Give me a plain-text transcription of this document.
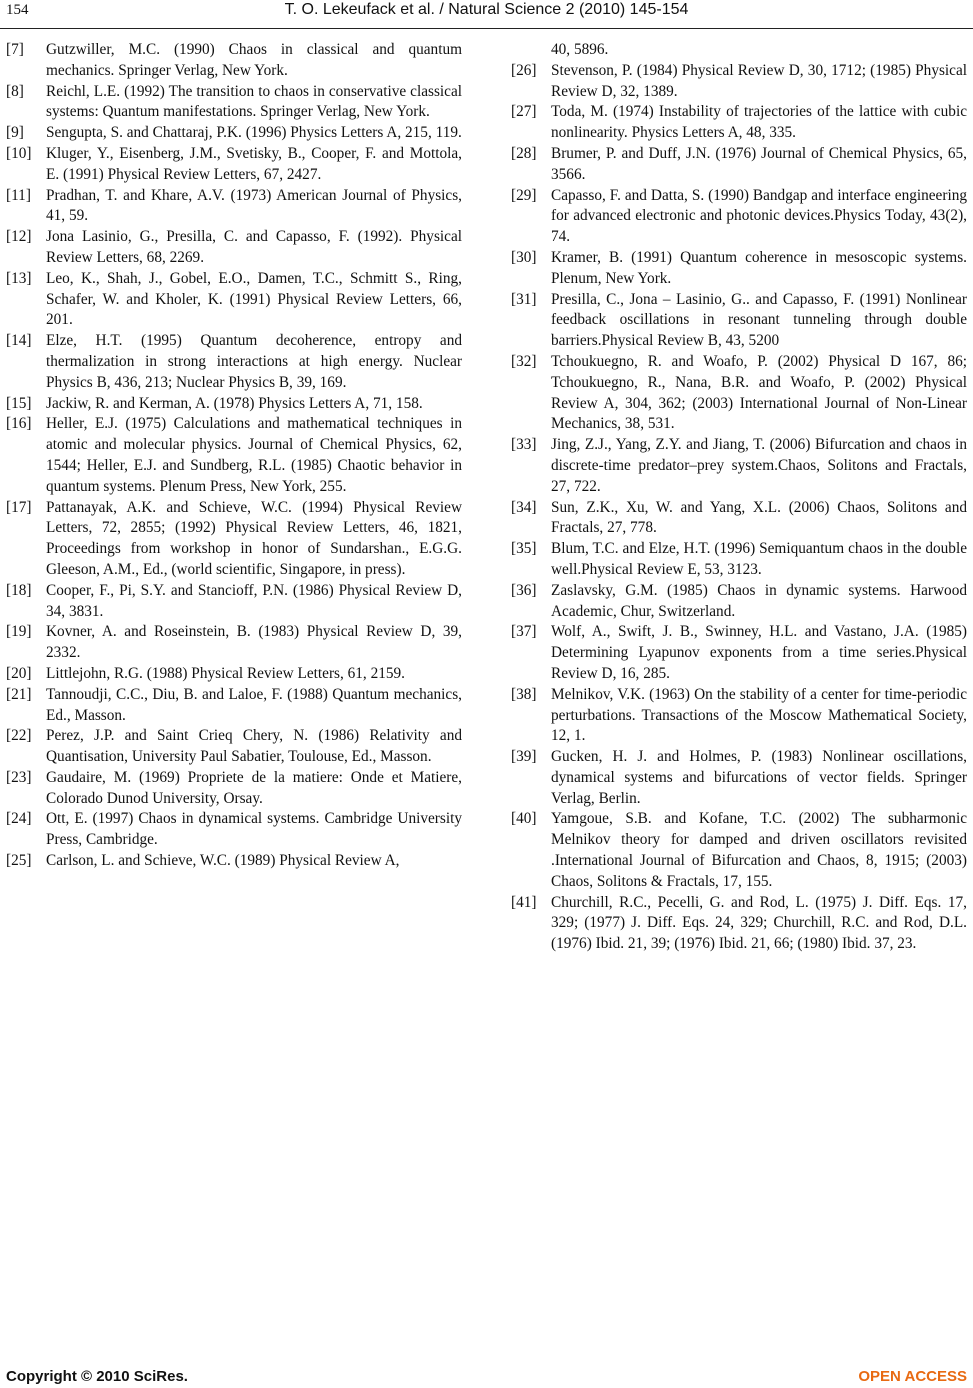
154	T. O. Lekeufack et al. / Natural Science 2 (2010) 145-154
[7]	Gutzwiller, M.C. (1990) Chaos in classical and quantum mechanics. Springer Verlag, New York.
[8]	Reichl, L.E. (1992) The transition to chaos in conservative classical systems: Quantum manifestations. Springer Verlag, New York.
[9]	Sengupta, S. and Chattaraj, P.K. (1996) Physics Letters A, 215, 119.
[10] Kluger, Y., Eisenberg, J.M., Svetisky, B., Cooper, F. and Mottola, E. (1991) Physical Review Letters, 67, 2427.
[11] Pradhan, T. and Khare, A.V. (1973) American Journal of Physics, 41, 59.
[12] Jona Lasinio, G., Presilla, C. and Capasso, F. (1992). Physical Review Letters, 68, 2269.
[13] Leo, K., Shah, J., Gobel, E.O., Damen, T.C., Schmitt S., Ring, Schafer, W. and Kholer, K. (1991) Physical Review Letters, 66, 201.
[14] Elze, H.T. (1995) Quantum decoherence, entropy and thermalization in strong interactions at high energy. Nuclear Physics B, 436, 213; Nuclear Physics B, 39, 169.
[15] Jackiw, R. and Kerman, A. (1978) Physics Letters A, 71, 158.
[16] Heller, E.J. (1975) Calculations and mathematical techniques in atomic and molecular physics. Journal of Chemical Physics, 62, 1544; Heller, E.J. and Sundberg, R.L. (1985) Chaotic behavior in quantum systems. Plenum Press, New York, 255.
[17] Pattanayak, A.K. and Schieve, W.C. (1994) Physical Review Letters, 72, 2855; (1992) Physical Review Letters, 46, 1821, Proceedings from workshop in honor of Sundarshan., E.G.G. Gleeson, A.M., Ed., (world scientific, Singapore, in press).
[18] Cooper, F., Pi, S.Y. and Stancioff, P.N. (1986) Physical Review D, 34, 3831.
[19] Kovner, A. and Roseinstein, B. (1983) Physical Review D, 39, 2332.
[20] Littlejohn, R.G. (1988) Physical Review Letters, 61, 2159.
[21] Tannoudji, C.C., Diu, B. and Laloe, F. (1988) Quantum mechanics, Ed., Masson.
[22] Perez, J.P. and Saint Crieq Chery, N. (1986) Relativity and Quantisation, University Paul Sabatier, Toulouse, Ed., Masson.
[23] Gaudaire, M. (1969) Propriete de la matiere: Onde et Matiere, Colorado Dunod University, Orsay.
[24] Ott, E. (1997) Chaos in dynamical systems. Cambridge University Press, Cambridge.
[25] Carlson, L. and Schieve, W.C. (1989) Physical Review A,
40, 5896.
[26] Stevenson, P. (1984) Physical Review D, 30, 1712; (1985) Physical Review D, 32, 1389.
[27] Toda, M. (1974) Instability of trajectories of the lattice with cubic nonlinearity. Physics Letters A, 48, 335.
[28] Brumer, P. and Duff, J.N. (1976) Journal of Chemical Physics, 65, 3566.
[29] Capasso, F. and Datta, S. (1990) Bandgap and interface engineering for advanced electronic and photonic devices.Physics Today, 43(2), 74.
[30] Kramer, B. (1991) Quantum coherence in mesoscopic systems. Plenum, New York.
[31] Presilla, C., Jona – Lasinio, G.. and Capasso, F. (1991) Nonlinear feedback oscillations in resonant tunneling through double barriers.Physical Review B, 43, 5200
[32] Tchoukuegno, R. and Woafo, P. (2002) Physical D 167, 86; Tchoukuegno, R., Nana, B.R. and Woafo, P. (2002) Physical Review A, 304, 362; (2003) International Journal of Non-Linear Mechanics, 38, 531.
[33] Jing, Z.J., Yang, Z.Y. and Jiang, T. (2006) Bifurcation and chaos in discrete-time predator–prey system.Chaos, Solitons and Fractals, 27, 722.
[34] Sun, Z.K., Xu, W. and Yang, X.L. (2006) Chaos, Solitons and Fractals, 27, 778.
[35] Blum, T.C. and Elze, H.T. (1996) Semiquantum chaos in the double well.Physical Review E, 53, 3123.
[36] Zaslavsky, G.M. (1985) Chaos in dynamic systems. Harwood Academic, Chur, Switzerland.
[37] Wolf, A., Swift, J. B., Swinney, H.L. and Vastano, J.A. (1985) Determining Lyapunov exponents from a time series.Physical Review D, 16, 285.
[38] Melnikov, V.K. (1963) On the stability of a center for time-periodic perturbations. Transactions of the Moscow Mathematical Society, 12, 1.
[39] Gucken, H. J. and Holmes, P. (1983) Nonlinear oscillations, dynamical systems and bifurcations of vector fields. Springer Verlag, Berlin.
[40] Yamgoue, S.B. and Kofane, T.C. (2002) The subharmonic Melnikov theory for damped and driven oscillators revisited .International Journal of Bifurcation and Chaos, 8, 1915; (2003) Chaos, Solitons & Fractals, 17, 155.
[41] Churchill, R.C., Pecelli, G. and Rod, L. (1975) J. Diff. Eqs. 17, 329; (1977) J. Diff. Eqs. 24, 329; Churchill, R.C. and Rod, D.L. (1976) Ibid. 21, 39; (1976) Ibid. 21, 66; (1980) Ibid. 37, 23.
Copyright © 2010 SciRes.	OPEN ACCESS
